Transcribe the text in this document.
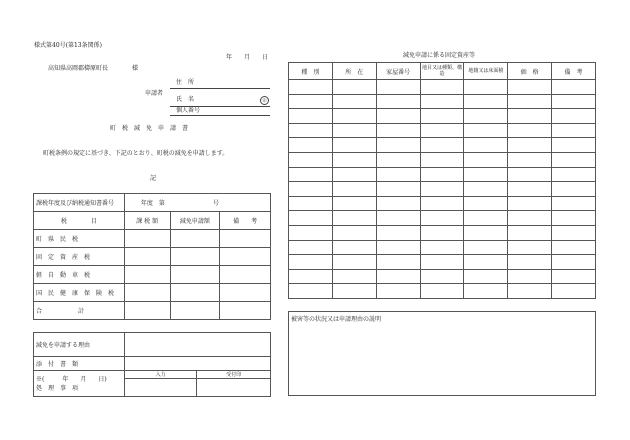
様式第40号(第13条関係)
年　　月　　日
高知県高岡郡檮原町長　　　　様
住　所
申請者
氏　名	印
個人番号
町　税　減　免　申　請　書
町税条例の規定に基づき、下記のとおり、町税の減免を申請します。
記
課税年度及び納税通知書番号	年度　第　　　　　　　　号		
税　　　　目	課 税 額	減免申請額	備　　考
町　県　民　税			
固　定　資　産　税			
軽　自　動　車　税			
国　民　健　康　保　険　税			
合　　　　　　計			
減免を申請する理由	
添　付　書　類	
※(　　　年　　月　　日)
処　理　事　項	入力	受付印

減免申請に係る固定資産等
種　別	所　在	家屋番号	地目又は種類、構造	地籍又は床面積	価　格	備　考

被害等の状況又は申請理由の説明
